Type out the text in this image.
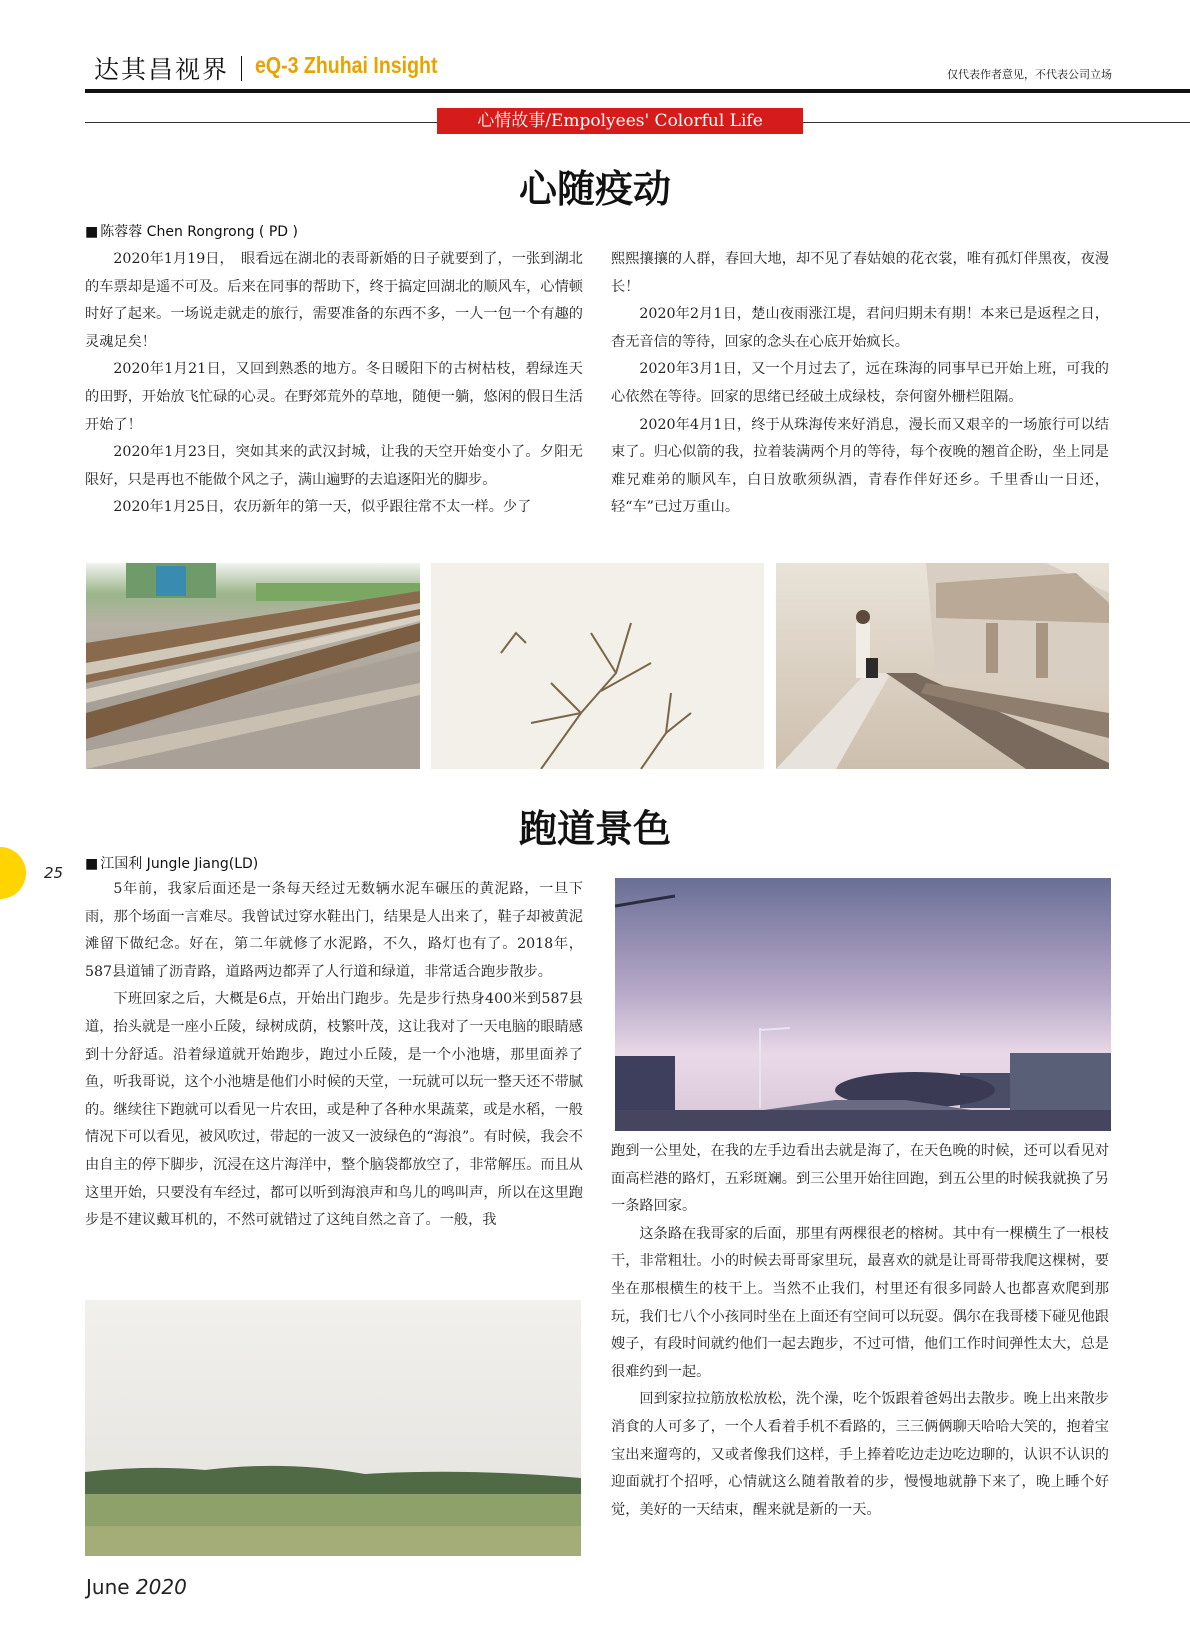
达其昌视界｜
eQ-3 Zhuhai Insight	仅代表作者意见，不代表公司立场
心情故事/Empolyees' Colorful Life
心随疫动
■ 陈蓉蓉 Chen Rongrong ( PD )

2020年1月19日，　眼看远在湖北的表哥新婚的日子就要到了，一张到湖北的车票却是遥不可及。后来在同事的帮助下，终于搞定回湖北的顺风车，心情顿时好了起来。一场说走就走的旅行，需要准备的东西不多，一人一包一个有趣的灵魂足矣！

2020年1月21日，又回到熟悉的地方。冬日暖阳下的古树枯枝，碧绿连天的田野，开始放飞忙碌的心灵。在野郊荒外的草地，随便一躺，悠闲的假日生活开始了！

2020年1月23日，突如其来的武汉封城，让我的天空开始变小了。夕阳无限好，只是再也不能做个风之子，满山遍野的去追逐阳光的脚步。

2020年1月25日，农历新年的第一天，似乎跟往常不太一样。少了

熙熙攘攘的人群，春回大地，却不见了春姑娘的花衣裳，唯有孤灯伴黑夜，夜漫长！

2020年2月1日，楚山夜雨涨江堤，君问归期未有期！本来已是返程之日，杳无音信的等待，回家的念头在心底开始疯长。

2020年3月1日，又一个月过去了，远在珠海的同事早已开始上班，可我的心依然在等待。回家的思绪已经破土成绿枝，奈何窗外栅栏阻隔。

2020年4月1日，终于从珠海传来好消息，漫长而又艰辛的一场旅行可以结束了。归心似箭的我，拉着装满两个月的等待，每个夜晚的翘首企盼，坐上同是难兄难弟的顺风车，白日放歌须纵酒，青春作伴好还乡。千里香山一日还，轻“车”已过万重山。

跑道景色
■ 江国利 Jungle Jiang(LD)

5年前，我家后面还是一条每天经过无数辆水泥车碾压的黄泥路，一旦下雨，那个场面一言难尽。我曾试过穿水鞋出门，结果是人出来了，鞋子却被黄泥滩留下做纪念。好在，第二年就修了水泥路，不久，路灯也有了。2018年，587县道铺了沥青路，道路两边都弄了人行道和绿道，非常适合跑步散步。

下班回家之后，大概是6点，开始出门跑步。先是步行热身400米到587县道，抬头就是一座小丘陵，绿树成荫，枝繁叶茂，这让我对了一天电脑的眼睛感到十分舒适。沿着绿道就开始跑步，跑过小丘陵，是一个小池塘，那里面养了鱼，听我哥说，这个小池塘是他们小时候的天堂，一玩就可以玩一整天还不带腻的。继续往下跑就可以看见一片农田，或是种了各种水果蔬菜，或是水稻，一般情况下可以看见，被风吹过，带起的一波又一波绿色的“海浪”。有时候，我会不由自主的停下脚步，沉浸在这片海洋中，整个脑袋都放空了，非常解压。而且从这里开始，只要没有车经过，都可以听到海浪声和鸟儿的鸣叫声，所以在这里跑步是不建议戴耳机的，不然可就错过了这纯自然之音了。一般，我

跑到一公里处，在我的左手边看出去就是海了，在天色晚的时候，还可以看见对面高栏港的路灯，五彩斑斓。到三公里开始往回跑，到五公里的时候我就换了另一条路回家。

这条路在我哥家的后面，那里有两棵很老的榕树。其中有一棵横生了一根枝干，非常粗壮。小的时候去哥哥家里玩，最喜欢的就是让哥哥带我爬这棵树，要坐在那根横生的枝干上。当然不止我们，村里还有很多同龄人也都喜欢爬到那玩，我们七八个小孩同时坐在上面还有空间可以玩耍。偶尔在我哥楼下碰见他跟嫂子，有段时间就约他们一起去跑步，不过可惜，他们工作时间弹性太大，总是很难约到一起。

回到家拉拉筋放松放松，洗个澡，吃个饭跟着爸妈出去散步。晚上出来散步消食的人可多了，一个人看着手机不看路的，三三俩俩聊天哈哈大笑的，抱着宝宝出来遛弯的，又或者像我们这样，手上捧着吃边走边吃边聊的，认识不认识的迎面就打个招呼，心情就这么随着散着的步，慢慢地就静下来了，晚上睡个好觉，美好的一天结束，醒来就是新的一天。

25
June 2020
